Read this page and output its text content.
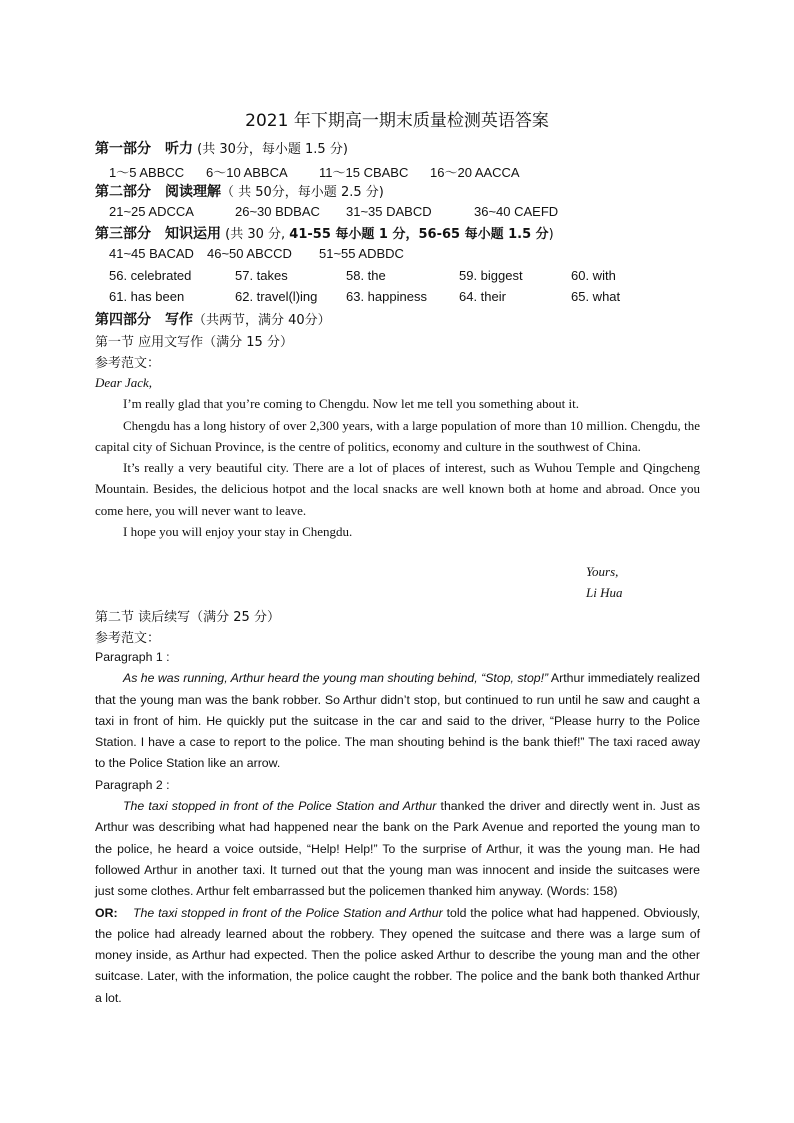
2021 年下期高一期末质量检测英语答案
第一部分　听力 (共 30分，每小题 1.5 分)
1～5 ABBCC 6～10 ABBCA 11～15 CBABC 16～20 AACCA
第二部分　阅读理解（ 共 50分，每小题 2.5 分)
21~25 ADCCA	26~30 BDBAC 31~35 DABCD	36~40 CAEFD
第三部分　知识运用 (共 30 分, 41-55 每小题 1 分，56-65 每小题 1.5 分)
41~45 BACAD 46~50 ABCCD 51~55 ADBDC
56. celebrated	57. takes	58. the	59. biggest	60. with
61. has been	62. travel(l)ing 63. happiness 64. their	65. what
第四部分　写作（共两节，满分 40分）
第一节 应用文写作（满分 15 分）
参考范文：
Dear Jack,
I’m really glad that you’re coming to Chengdu. Now let me tell you something about it.
Chengdu has a long history of over 2,300 years, with a large population of more than 10 million. Chengdu, the capital city of Sichuan Province, is the centre of politics, economy and culture in the southwest of China.
It’s really a very beautiful city. There are a lot of places of interest, such as Wuhou Temple and Qingcheng Mountain. Besides, the delicious hotpot and the local snacks are well known both at home and abroad. Once you come here, you will never want to leave.
I hope you will enjoy your stay in Chengdu.
Yours,
Li Hua
第二节 读后续写（满分 25 分）
参考范文：
Paragraph 1 :
As he was running, Arthur heard the young man shouting behind, “Stop, stop!” Arthur immediately realized that the young man was the bank robber. So Arthur didn’t stop, but continued to run until he saw and caught a taxi in front of him. He quickly put the suitcase in the car and said to the driver, “Please hurry to the Police Station. I have a case to report to the police. The man shouting behind is the bank thief!” The taxi raced away to the Police Station like an arrow.
Paragraph 2 :
The taxi stopped in front of the Police Station and Arthur thanked the driver and directly went in. Just as Arthur was describing what had happened near the bank on the Park Avenue and reported the young man to the police, he heard a voice outside, “Help! Help!” To the surprise of Arthur, it was the young man. He had followed Arthur in another taxi. It turned out that the young man was innocent and inside the suitcases were just some clothes. Arthur felt embarrassed but the policemen thanked him anyway. (Words: 158)
OR: The taxi stopped in front of the Police Station and Arthur told the police what had happened. Obviously, the police had already learned about the robbery. They opened the suitcase and there was a large sum of money inside, as Arthur had expected. Then the police asked Arthur to describe the young man and the other suitcase. Later, with the information, the police caught the robber. The police and the bank both thanked Arthur a lot.
